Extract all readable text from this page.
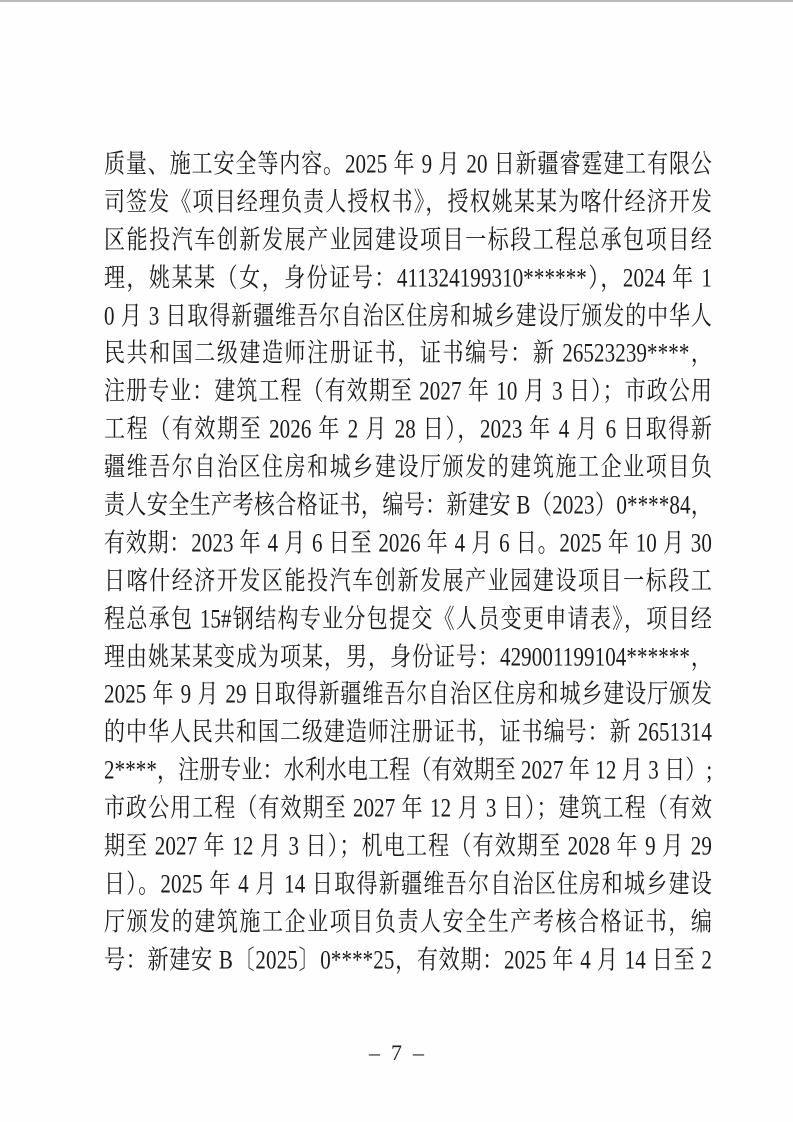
质量、施工安全等内容。2025 年 9 月 20 日新疆睿霆建工有限公
司签发《项目经理负责人授权书》，授权姚某某为喀什经济开发
区能投汽车创新发展产业园建设项目一标段工程总承包项目经
理，姚某某（女，身份证号：411324199310******），2024 年 1
0 月 3 日取得新疆维吾尔自治区住房和城乡建设厅颁发的中华人
民共和国二级建造师注册证书，证书编号：新 26523239****，
注册专业：建筑工程（有效期至 2027 年 10 月 3 日）；市政公用
工程（有效期至 2026 年 2 月 28 日），2023 年 4 月 6 日取得新
疆维吾尔自治区住房和城乡建设厅颁发的建筑施工企业项目负
责人安全生产考核合格证书，编号：新建安 B（2023）0****84，
有效期：2023 年 4 月 6 日至 2026 年 4 月 6 日。2025 年 10 月 30
日喀什经济开发区能投汽车创新发展产业园建设项目一标段工
程总承包 15#钢结构专业分包提交《人员变更申请表》，项目经
理由姚某某变成为项某，男，身份证号：429001199104******，
2025 年 9 月 29 日取得新疆维吾尔自治区住房和城乡建设厅颁发
的中华人民共和国二级建造师注册证书，证书编号：新 2651314
2****，注册专业：水利水电工程（有效期至 2027 年 12 月 3 日）;
市政公用工程（有效期至 2027 年 12 月 3 日）；建筑工程（有效
期至 2027 年 12 月 3 日）；机电工程（有效期至 2028 年 9 月 29
日）。2025 年 4 月 14 日取得新疆维吾尔自治区住房和城乡建设
厅颁发的建筑施工企业项目负责人安全生产考核合格证书，编
号：新建安 B〔2025〕0****25，有效期：2025 年 4 月 14 日至 2
– 7 –
